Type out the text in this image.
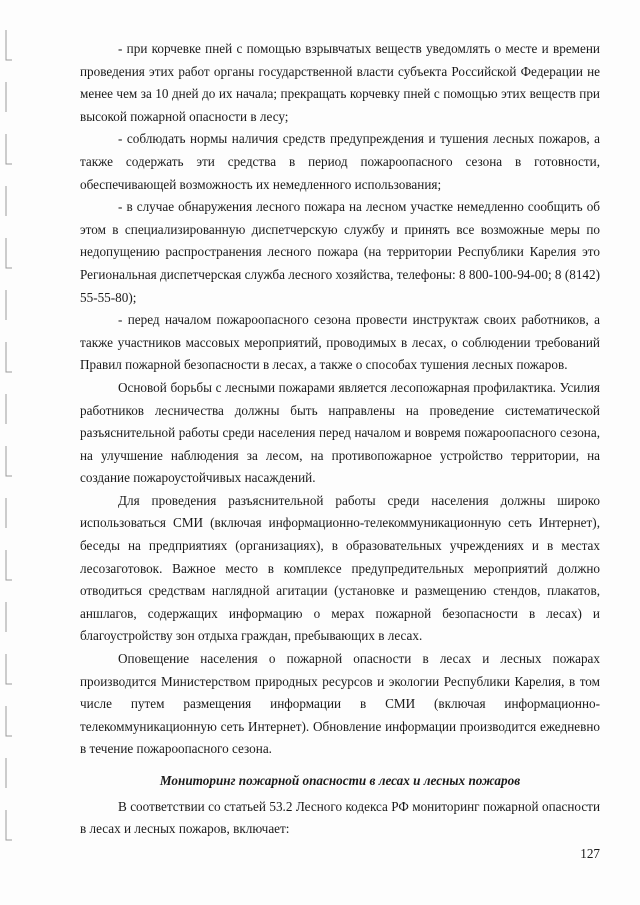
- при корчевке пней с помощью взрывчатых веществ уведомлять о месте и времени проведения этих работ органы государственной власти субъекта Российской Федерации не менее чем за 10 дней до их начала; прекращать корчевку пней с помощью этих веществ при высокой пожарной опасности в лесу;

- соблюдать нормы наличия средств предупреждения и тушения лесных пожаров, а также содержать эти средства в период пожароопасного сезона в готовности, обеспечивающей возможность их немедленного использования;

- в случае обнаружения лесного пожара на лесном участке немедленно сообщить об этом в специализированную диспетчерскую службу и принять все возможные меры по недопущению распространения лесного пожара (на территории Республики Карелия это Региональная диспетчерская служба лесного хозяйства, телефоны: 8 800-100-94-00; 8 (8142) 55-55-80);

- перед началом пожароопасного сезона провести инструктаж своих работников, а также участников массовых мероприятий, проводимых в лесах, о соблюдении требований Правил пожарной безопасности в лесах, а также о способах тушения лесных пожаров.

Основой борьбы с лесными пожарами является лесопожарная профилактика. Усилия работников лесничества должны быть направлены на проведение систематической разъяснительной работы среди населения перед началом и вовремя пожароопасного сезона, на улучшение наблюдения за лесом, на противопожарное устройство территории, на создание пожароустойчивых насаждений.

Для проведения разъяснительной работы среди населения должны широко использоваться СМИ (включая информационно-телекоммуникационную сеть Интернет), беседы на предприятиях (организациях), в образовательных учреждениях и в местах лесозаготовок. Важное место в комплексе предупредительных мероприятий должно отводиться средствам наглядной агитации (установке и размещению стендов, плакатов, аншлагов, содержащих информацию о мерах пожарной безопасности в лесах) и благоустройству зон отдыха граждан, пребывающих в лесах.

Оповещение населения о пожарной опасности в лесах и лесных пожарах производится Министерством природных ресурсов и экологии Республики Карелия, в том числе путем размещения информации в СМИ (включая информационно-телекоммуникационную сеть Интернет). Обновление информации производится ежедневно в течение пожароопасного сезона.

Мониторинг пожарной опасности в лесах и лесных пожаров

В соответствии со статьей 53.2 Лесного кодекса РФ мониторинг пожарной опасности в лесах и лесных пожаров, включает:

127
